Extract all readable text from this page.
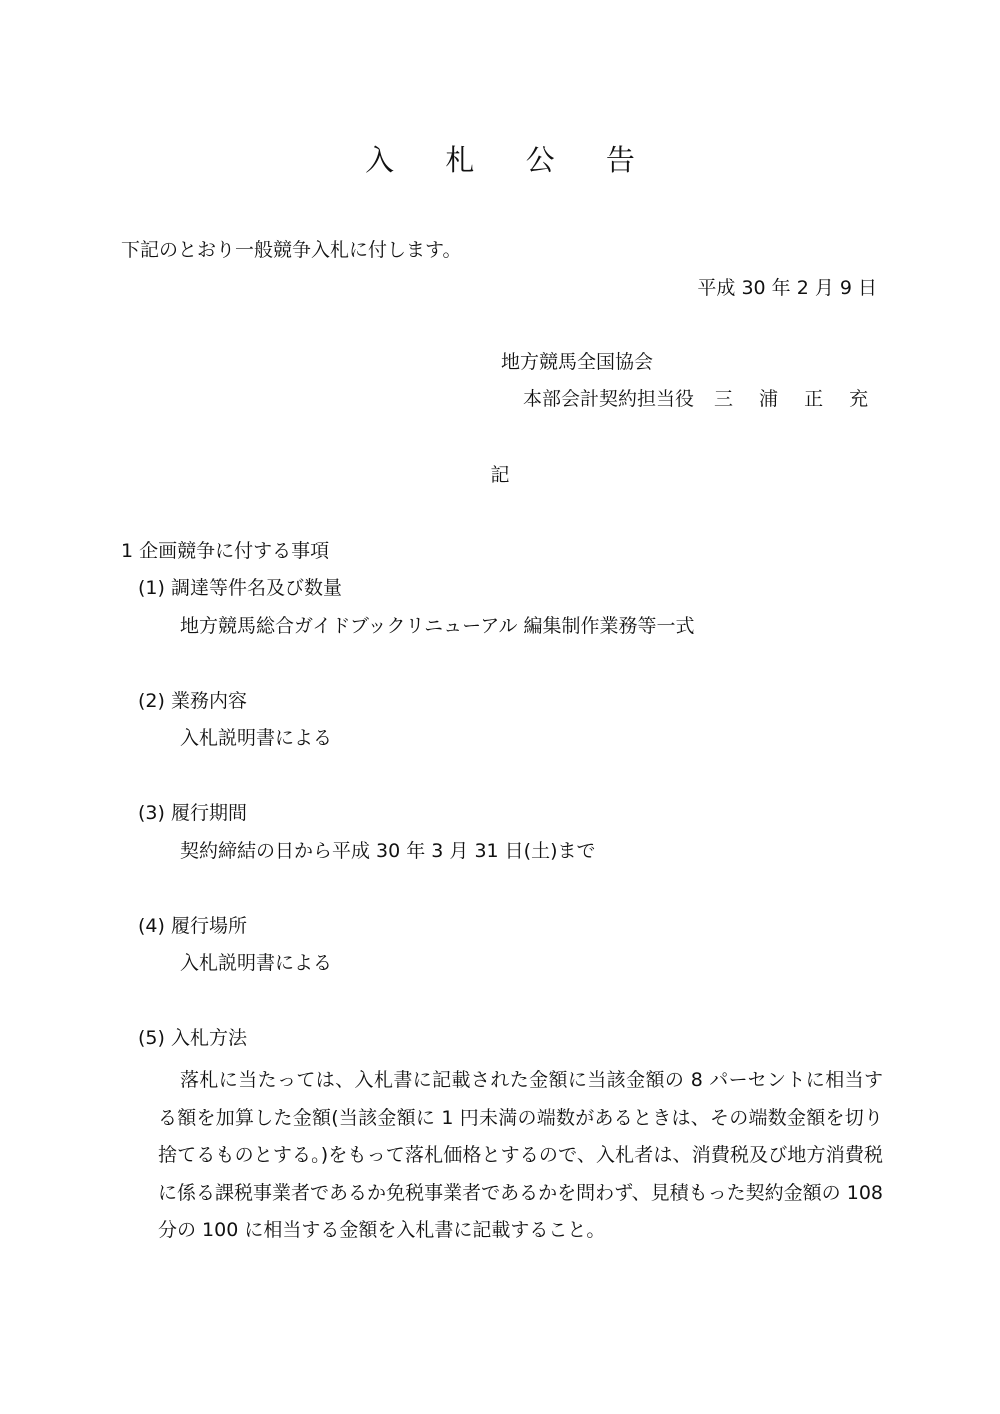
入 札 公 告
下記のとおり一般競争入札に付します。
平成 30 年 2 月 9 日
地方競馬全国協会
本部会計契約担当役 三 浦 正 充
記
1 企画競争に付する事項
(1) 調達等件名及び数量
地方競馬総合ガイドブックリニューアル 編集制作業務等一式
(2) 業務内容
入札説明書による
(3) 履行期間
契約締結の日から平成 30 年 3 月 31 日(土)まで
(4) 履行場所
入札説明書による
(5) 入札方法
落札に当たっては、入札書に記載された金額に当該金額の 8 パーセントに相当する額を加算した金額(当該金額に 1 円未満の端数があるときは、その端数金額を切り捨てるものとする。)をもって落札価格とするので、入札者は、消費税及び地方消費税に係る課税事業者であるか免税事業者であるかを問わず、見積もった契約金額の 108 分の 100 に相当する金額を入札書に記載すること。
